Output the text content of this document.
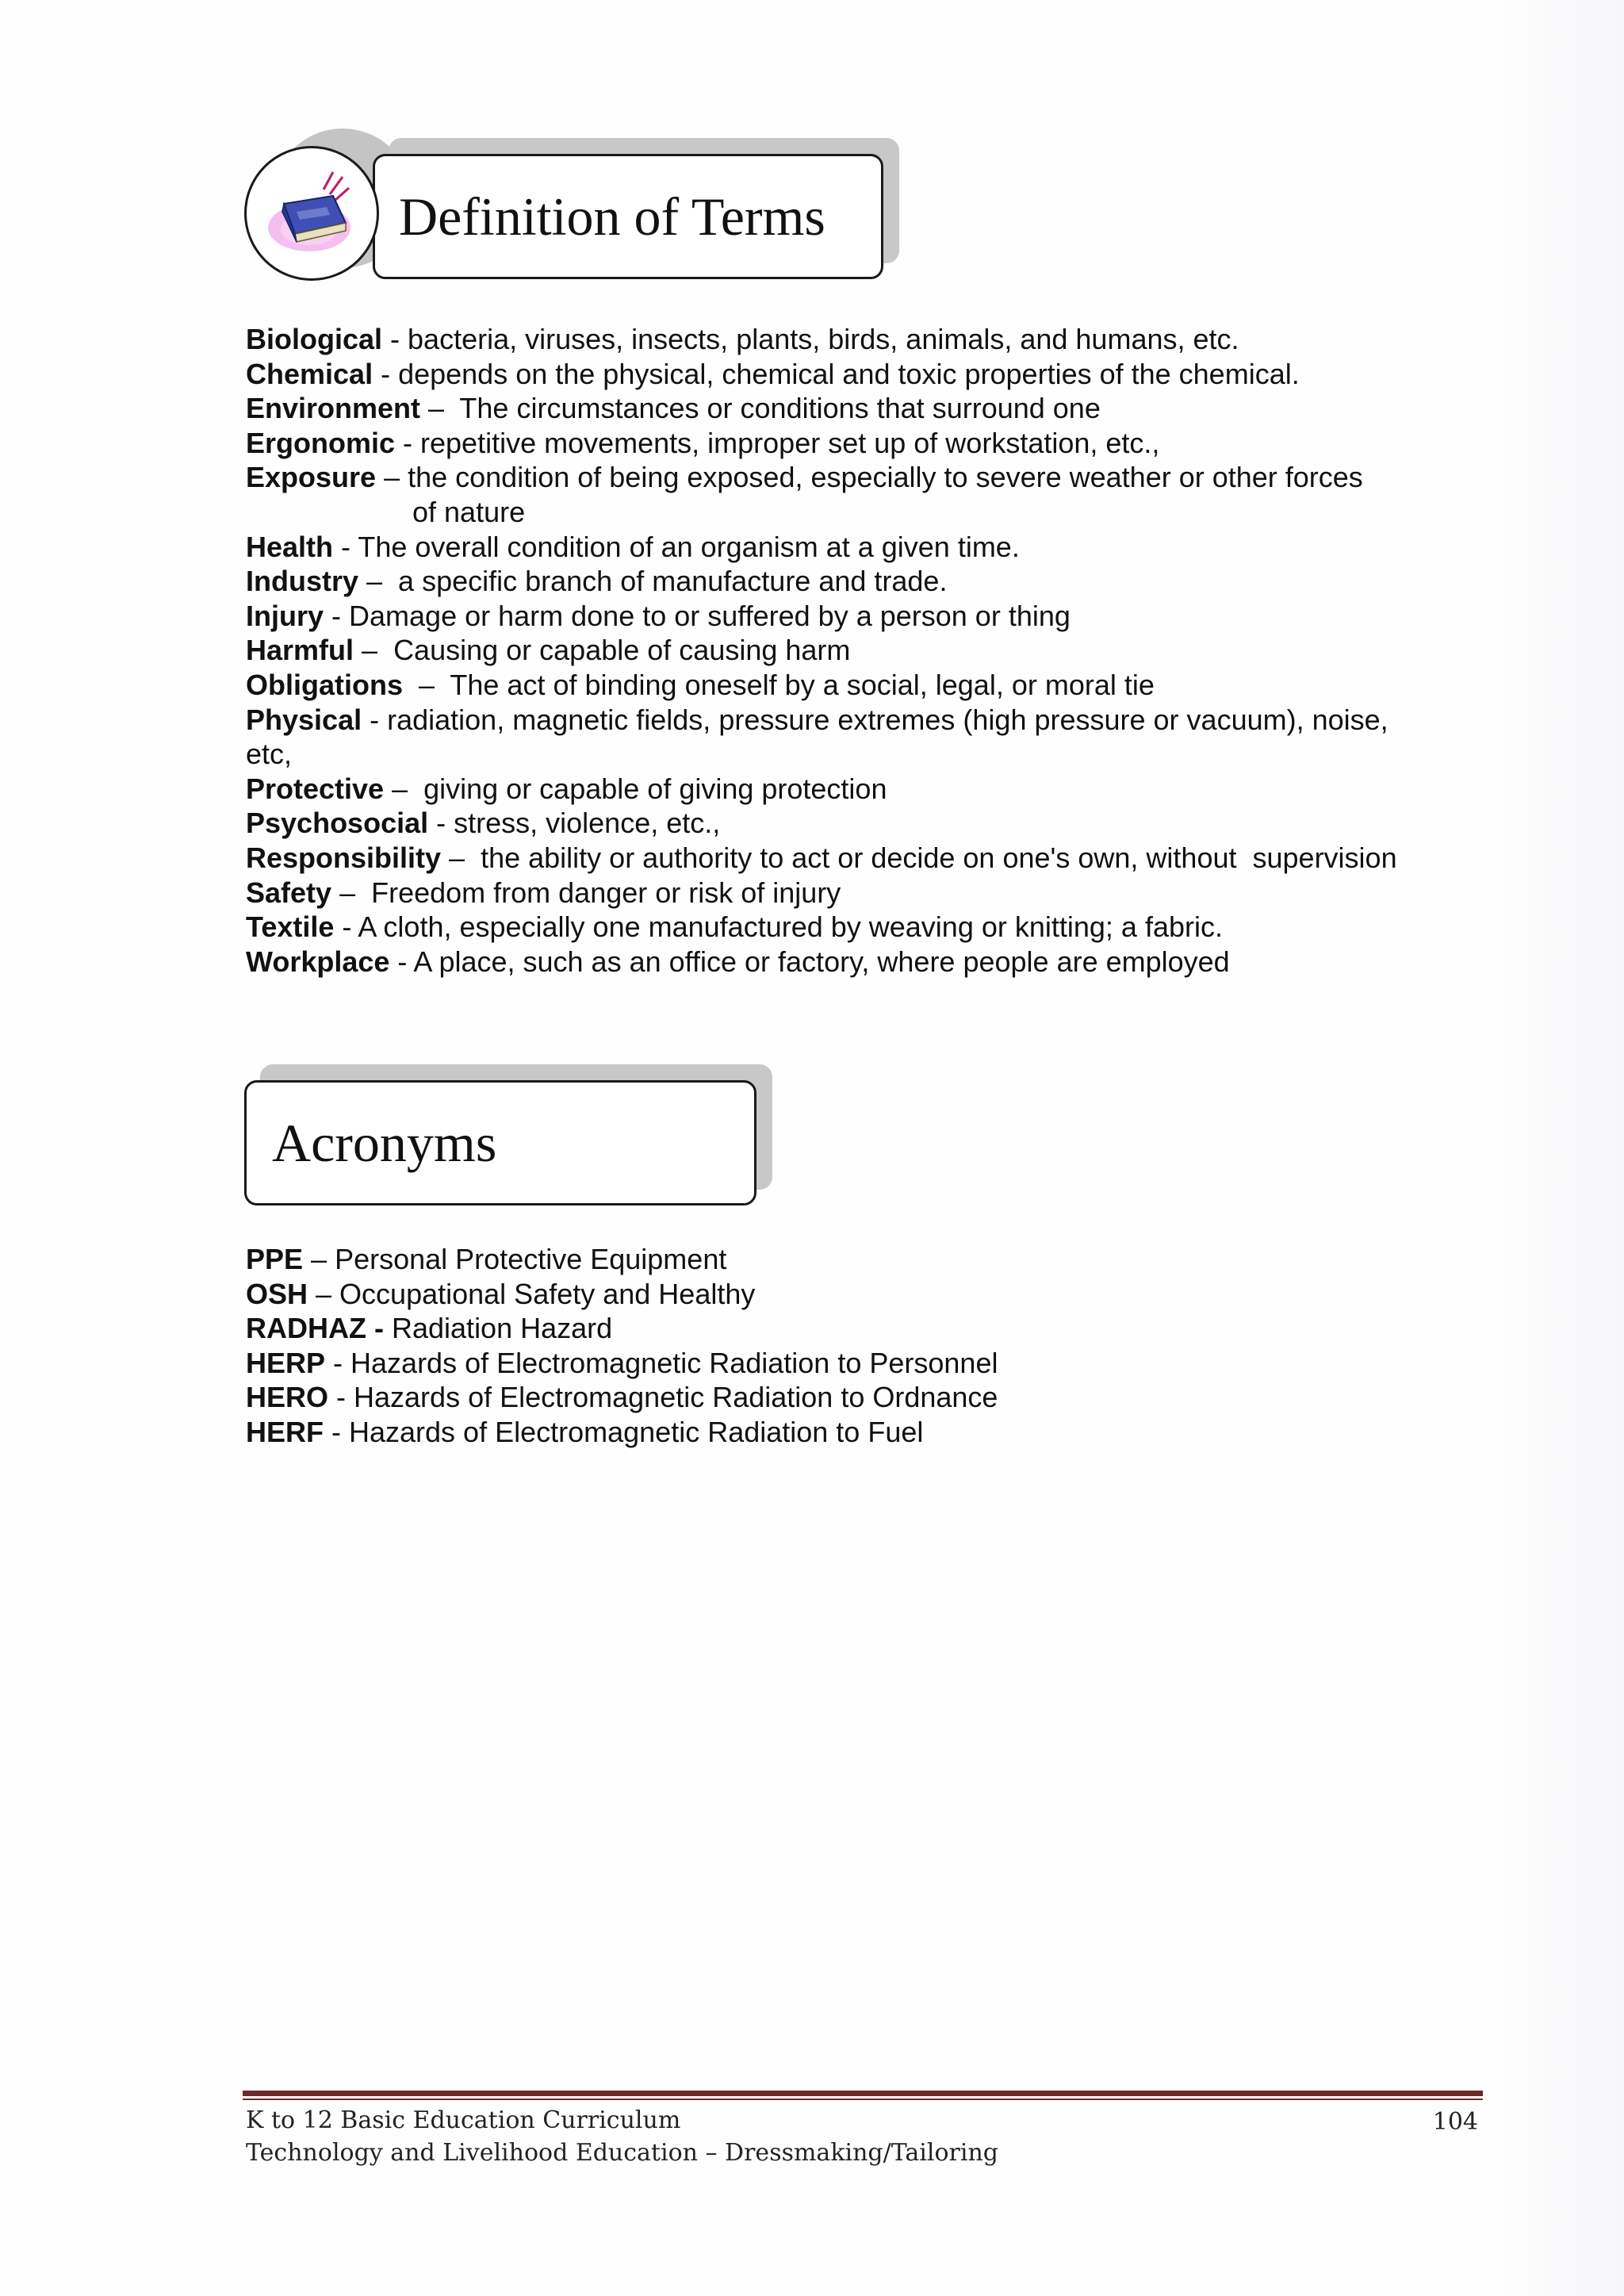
Definition of Terms
Biological - bacteria, viruses, insects, plants, birds, animals, and humans, etc.
Chemical - depends on the physical, chemical and toxic properties of the chemical.
Environment –  The circumstances or conditions that surround one
Ergonomic - repetitive movements, improper set up of workstation, etc.,
Exposure – the condition of being exposed, especially to severe weather or other forces
of nature
Health - The overall condition of an organism at a given time.
Industry –  a specific branch of manufacture and trade.
Injury - Damage or harm done to or suffered by a person or thing
Harmful –  Causing or capable of causing harm
Obligations  –  The act of binding oneself by a social, legal, or moral tie
Physical - radiation, magnetic fields, pressure extremes (high pressure or vacuum), noise,
etc,
Protective –  giving or capable of giving protection
Psychosocial - stress, violence, etc.,
Responsibility –  the ability or authority to act or decide on one's own, without  supervision
Safety –  Freedom from danger or risk of injury
Textile - A cloth, especially one manufactured by weaving or knitting; a fabric.
Workplace - A place, such as an office or factory, where people are employed
Acronyms
PPE – Personal Protective Equipment
OSH – Occupational Safety and Healthy
RADHAZ - Radiation Hazard
HERP - Hazards of Electromagnetic Radiation to Personnel
HERO - Hazards of Electromagnetic Radiation to Ordnance
HERF - Hazards of Electromagnetic Radiation to Fuel
K to 12 Basic Education Curriculum
Technology and Livelihood Education – Dressmaking/Tailoring
104
